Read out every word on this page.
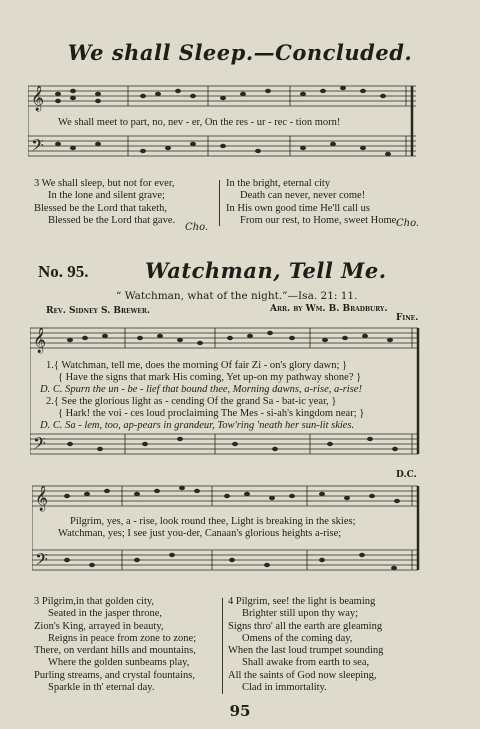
We shall Sleep.—Concluded.
𝄞
𝄢
We shall meet to part, no, nev - er, On the res - ur - rec - tion morn!
3 We shall sleep, but not for ever,
In the lone and silent grave;
Blessed be the Lord that taketh,
Blessed be the Lord that gave.
Cho.
In the bright, eternal city
Death can never, never come!
In His own good time He'll call us
From our rest, to Home, sweet Home.
Cho.
No. 95.	Watchman, Tell Me.
“ Watchman, what of the night.”—Isa. 21: 11.
Rev. Sidney S. Brewer.	Arr. by Wm. B. Bradbury.
Fine.
𝄞
𝄢
1.{ Watchman, tell me, does the morning Of fair Zi - on's glory dawn; }
{ Have the signs that mark His coming, Yet up-on my pathway shone? }
D. C. Spurn the un - be - lief that bound thee, Morning dawns, a-rise, a-rise!
2.{ See the glorious light as - cending Of the grand Sa - bat-ic year, }
{ Hark! the voi - ces loud proclaiming The Mes - si-ah's kingdom near; }
D. C. Sa - lem, too, ap-pears in grandeur, Tow'ring 'neath her sun-lit skies.
D.C.
𝄞
𝄢
Pilgrim, yes, a - rise, look round thee, Light is breaking in the skies;
Watchman, yes; I see just you-der, Canaan's glorious heights a-rise;
3 Pilgrim,in that golden city,
Seated in the jasper throne,
Zion's King, arrayed in beauty,
Reigns in peace from zone to zone;
There, on verdant hills and mountains,
Where the golden sunbeams play,
Purling streams, and crystal fountains,
Sparkle in th' eternal day.
4 Pilgrim, see! the light is beaming
Brighter still upon thy way;
Signs thro' all the earth are gleaming
Omens of the coming day,
When the last loud trumpet sounding
Shall awake from earth to sea,
All the saints of God now sleeping,
Clad in immortality.
95
